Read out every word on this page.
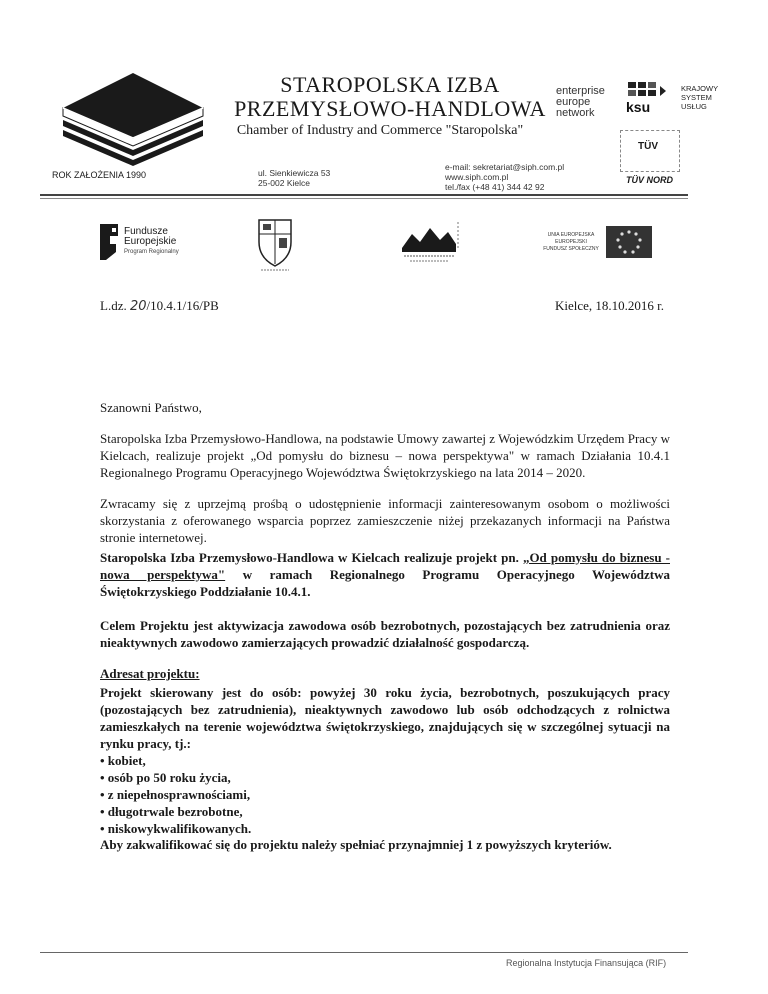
STAROPOLSKA IZBA
PRZEMYSŁOWO-HANDLOWA
Chamber of Industry and Commerce "Staropolska"
ROK ZAŁOŻENIA 1990	ul. Sienkiewicza 53
25-002 Kielce
e-mail: sekretariat@siph.com.pl
www.siph.com.pl
tel./fax (+48 41) 344 42 92
enterprise
europe
network	ksu
KRAJOWY
SYSTEM
USŁUG
TÜV
TÜV NORD
Fundusze
Europejskie
Program Regionalny
UNIA EUROPEJSKA
EUROPEJSKI
FUNDUSZ SPOŁECZNY
L.dz. 20/10.4.1/16/PB	Kielce, 18.10.2016 r.
Szanowni Państwo,
Staropolska Izba Przemysłowo-Handlowa, na podstawie Umowy zawartej z Wojewódzkim Urzędem Pracy w Kielcach, realizuje projekt „Od pomysłu do biznesu – nowa perspektywa" w ramach Działania 10.4.1 Regionalnego Programu Operacyjnego Województwa Świętokrzyskiego na lata 2014 – 2020.
Zwracamy się z uprzejmą prośbą o udostępnienie informacji zainteresowanym osobom o możliwości skorzystania z oferowanego wsparcia poprzez zamieszczenie niżej przekazanych informacji na Państwa stronie internetowej.
Staropolska Izba Przemysłowo-Handlowa w Kielcach realizuje projekt pn. „Od pomysłu do biznesu - nowa perspektywa" w ramach Regionalnego Programu Operacyjnego Województwa Świętokrzyskiego Poddziałanie 10.4.1.
Celem Projektu jest aktywizacja zawodowa osób bezrobotnych, pozostających bez zatrudnienia oraz nieaktywnych zawodowo zamierzających prowadzić działalność gospodarczą.
Adresat projektu:
Projekt skierowany jest do osób: powyżej 30 roku życia, bezrobotnych, poszukujących pracy (pozostających bez zatrudnienia), nieaktywnych zawodowo lub osób odchodzących z rolnictwa zamieszkałych na terenie województwa świętokrzyskiego, znajdujących się w szczególnej sytuacji na rynku pracy, tj.:
• kobiet,
• osób po 50 roku życia,
• z niepełnosprawnościami,
• długotrwale bezrobotne,
• niskowykwalifikowanych.
Aby zakwalifikować się do projektu należy spełniać przynajmniej 1 z powyższych kryteriów.
Regionalna Instytucja Finansująca (RIF)
